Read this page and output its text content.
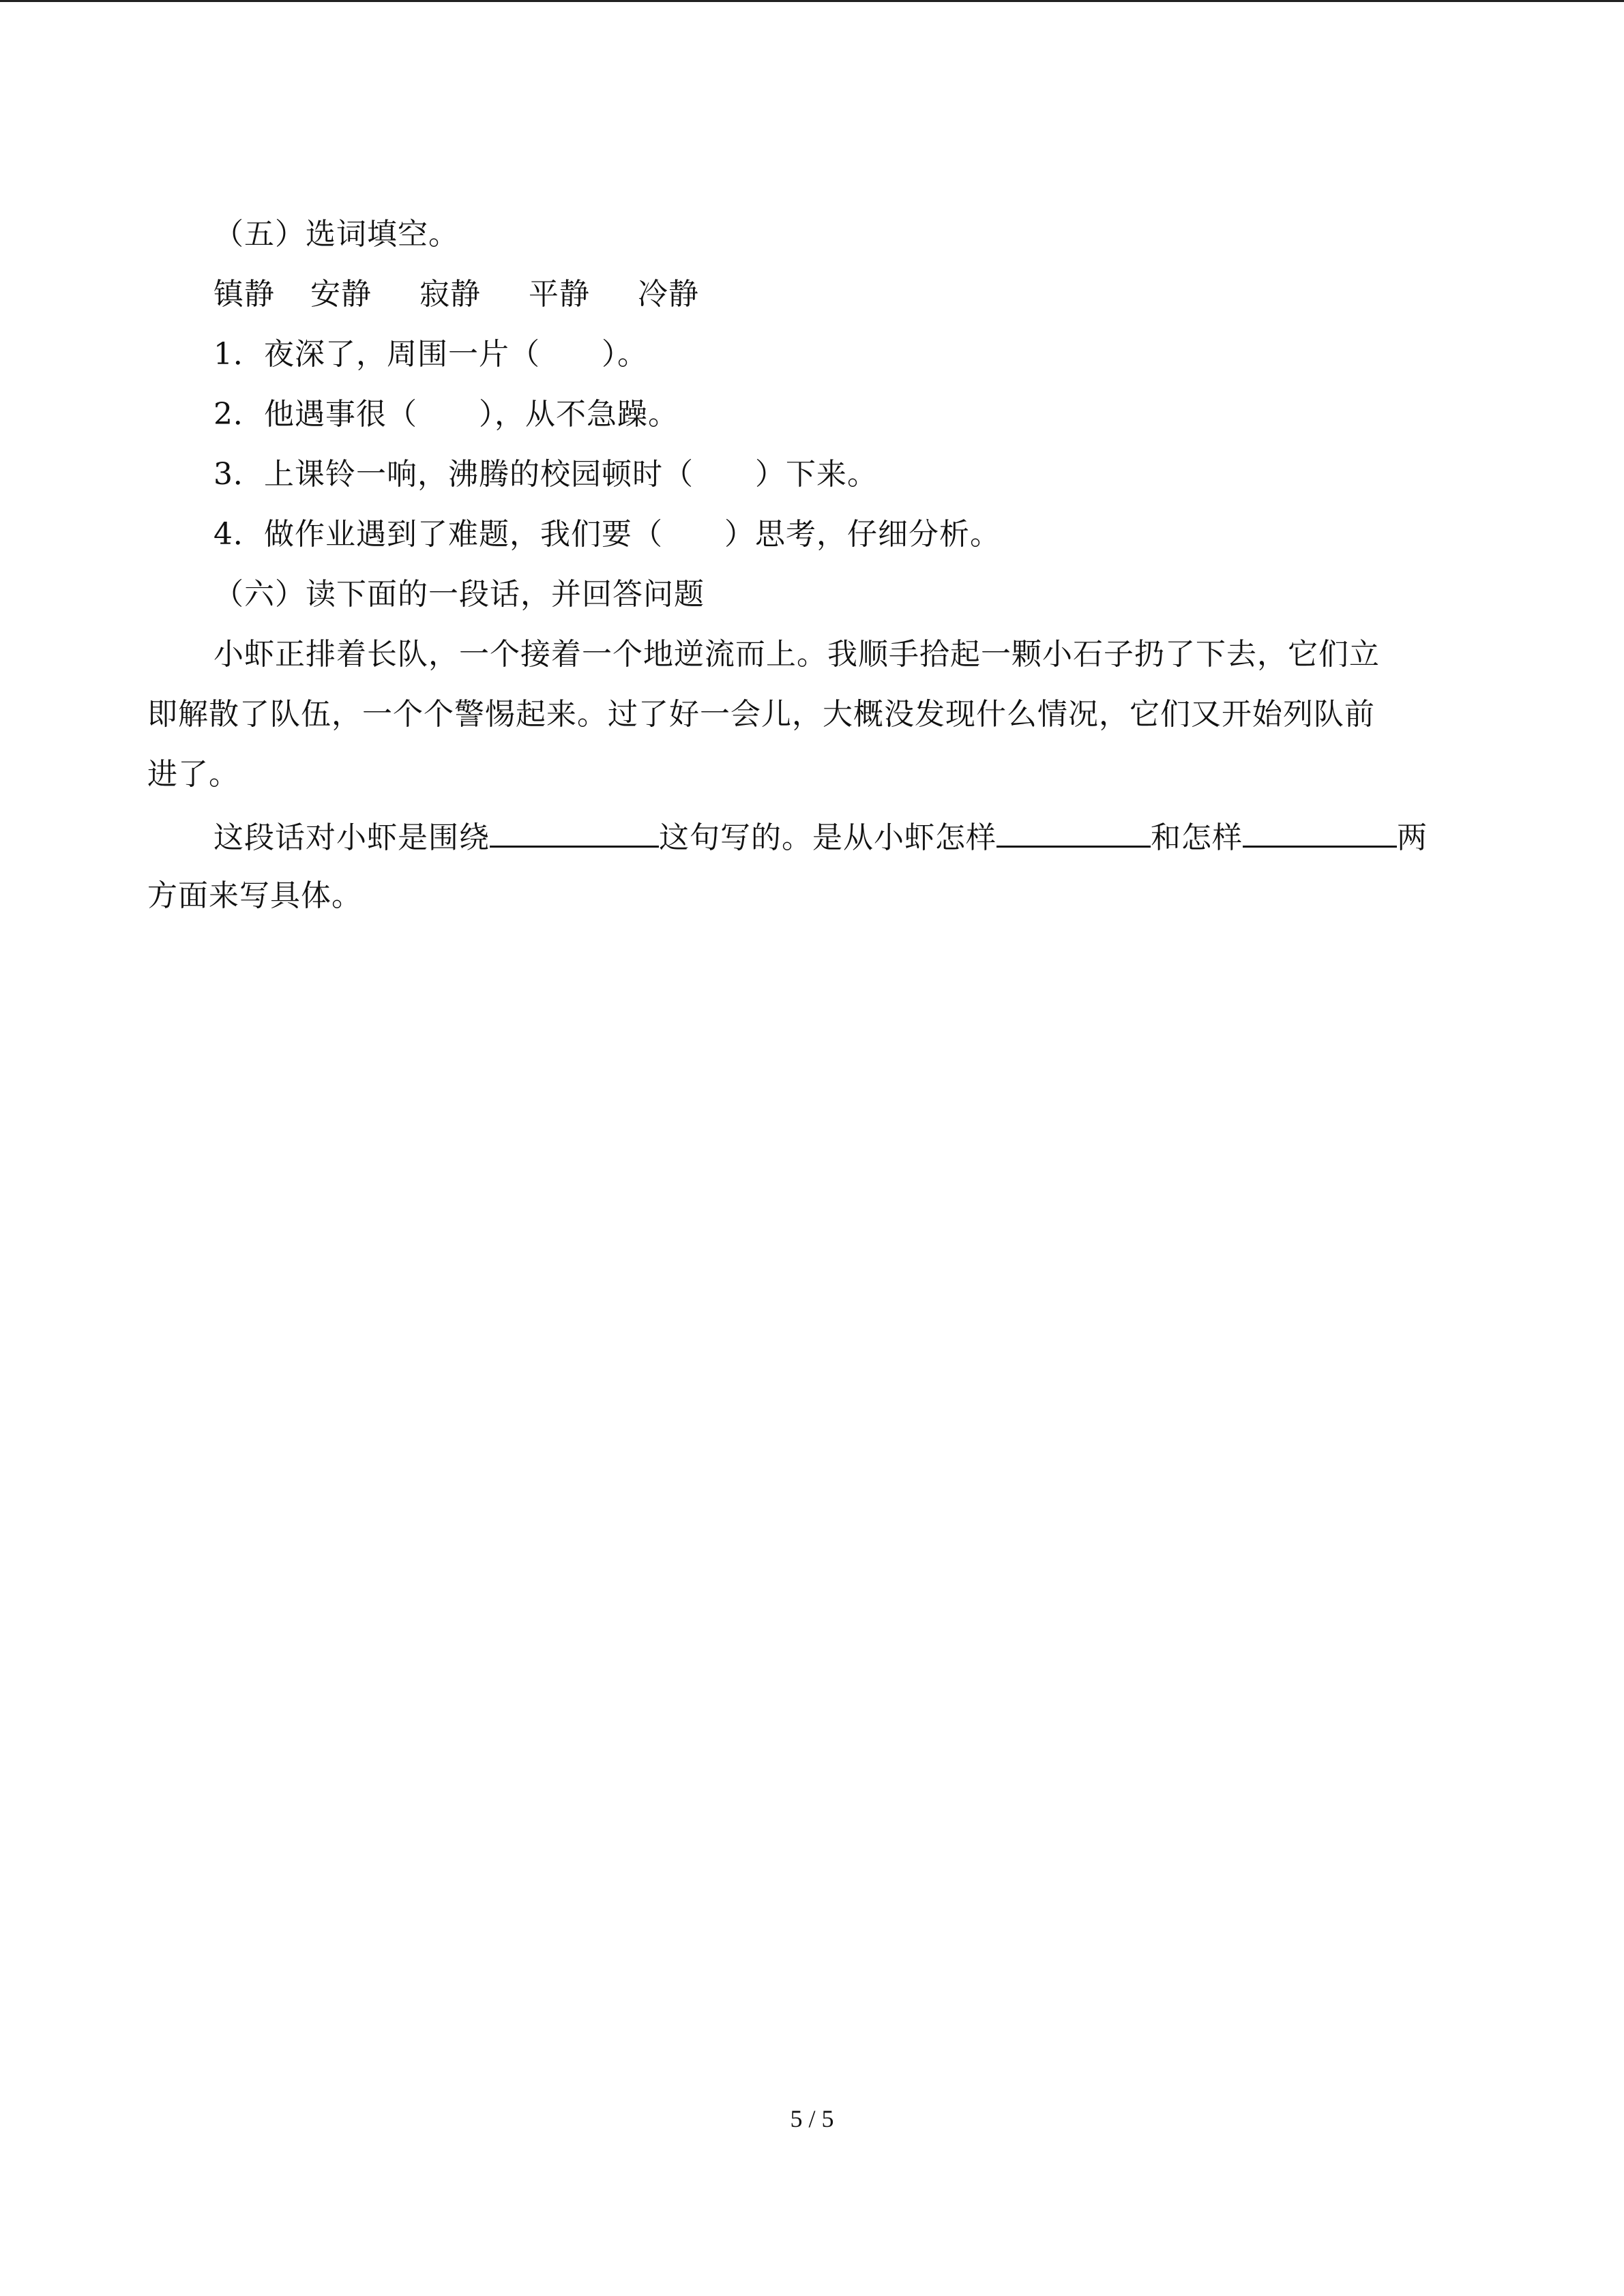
（五）选词填空。
镇静 安静 寂静 平静 冷静
1．夜深了，周围一片（　　）。
2．他遇事很（　　），从不急躁。
3．上课铃一响，沸腾的校园顿时（　　）下来。
4．做作业遇到了难题，我们要（　　）思考，仔细分析。
（六）读下面的一段话，并回答问题
小虾正排着长队，一个接着一个地逆流而上。我顺手拾起一颗小石子扔了下去，它们立
即解散了队伍，一个个警惕起来。过了好一会儿，大概没发现什么情况，它们又开始列队前
进了。
这段话对小虾是围绕	这句写的。是从小虾怎样	和怎样	两
方面来写具体。
5 / 5
